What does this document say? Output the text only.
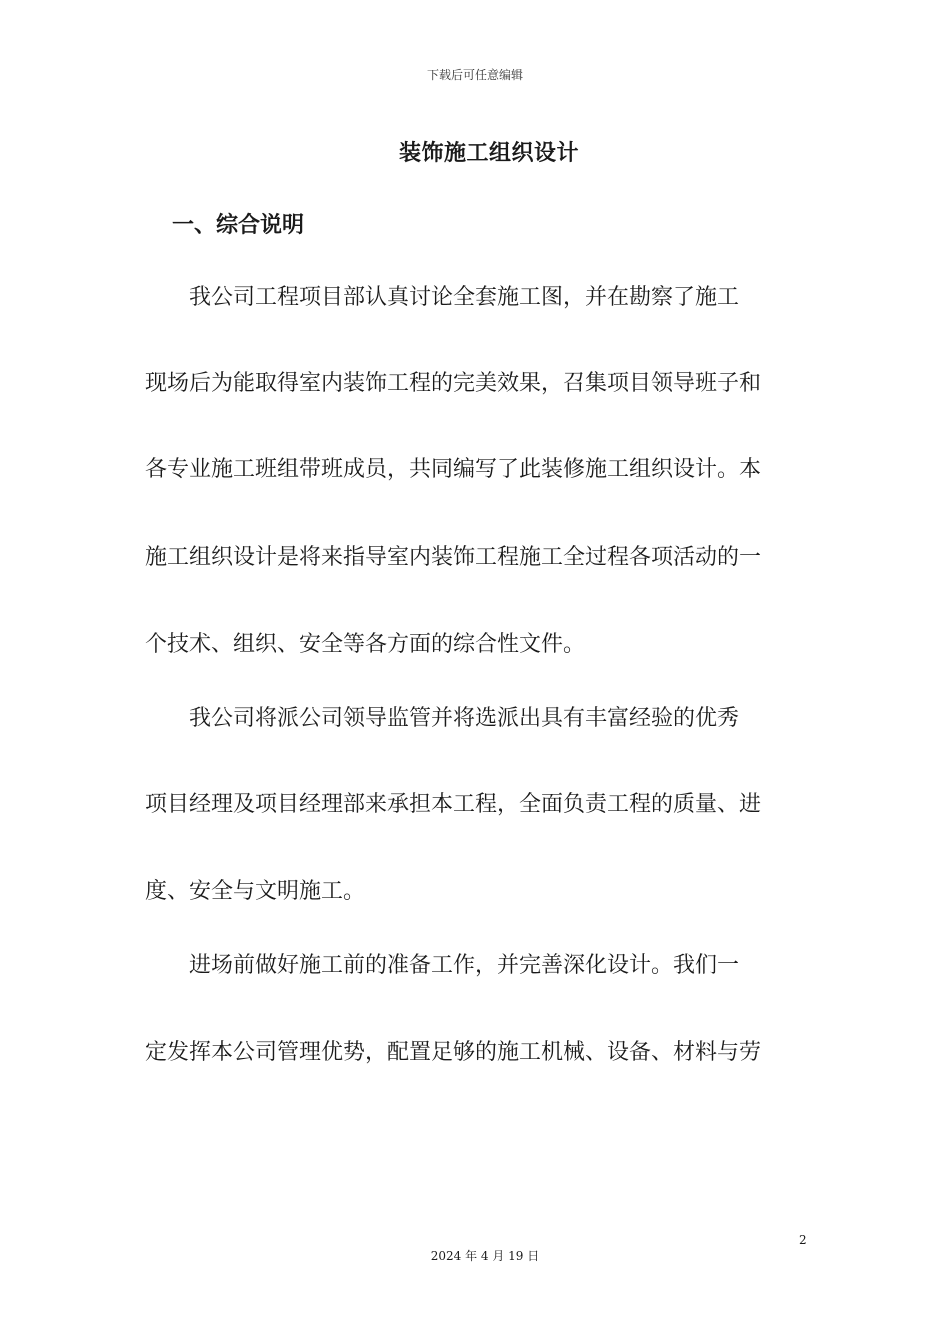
下载后可任意编辑
装饰施工组织设计
一、综合说明
　　我公司工程项目部认真讨论全套施工图，并在勘察了施工
现场后为能取得室内装饰工程的完美效果，召集项目领导班子和
各专业施工班组带班成员，共同编写了此装修施工组织设计。本
施工组织设计是将来指导室内装饰工程施工全过程各项活动的一
个技术、组织、安全等各方面的综合性文件。
　　我公司将派公司领导监管并将选派出具有丰富经验的优秀
项目经理及项目经理部来承担本工程，全面负责工程的质量、进
度、安全与文明施工。
　　进场前做好施工前的准备工作，并完善深化设计。我们一
定发挥本公司管理优势，配置足够的施工机械、设备、材料与劳
2
2024 年 4 月 19 日
